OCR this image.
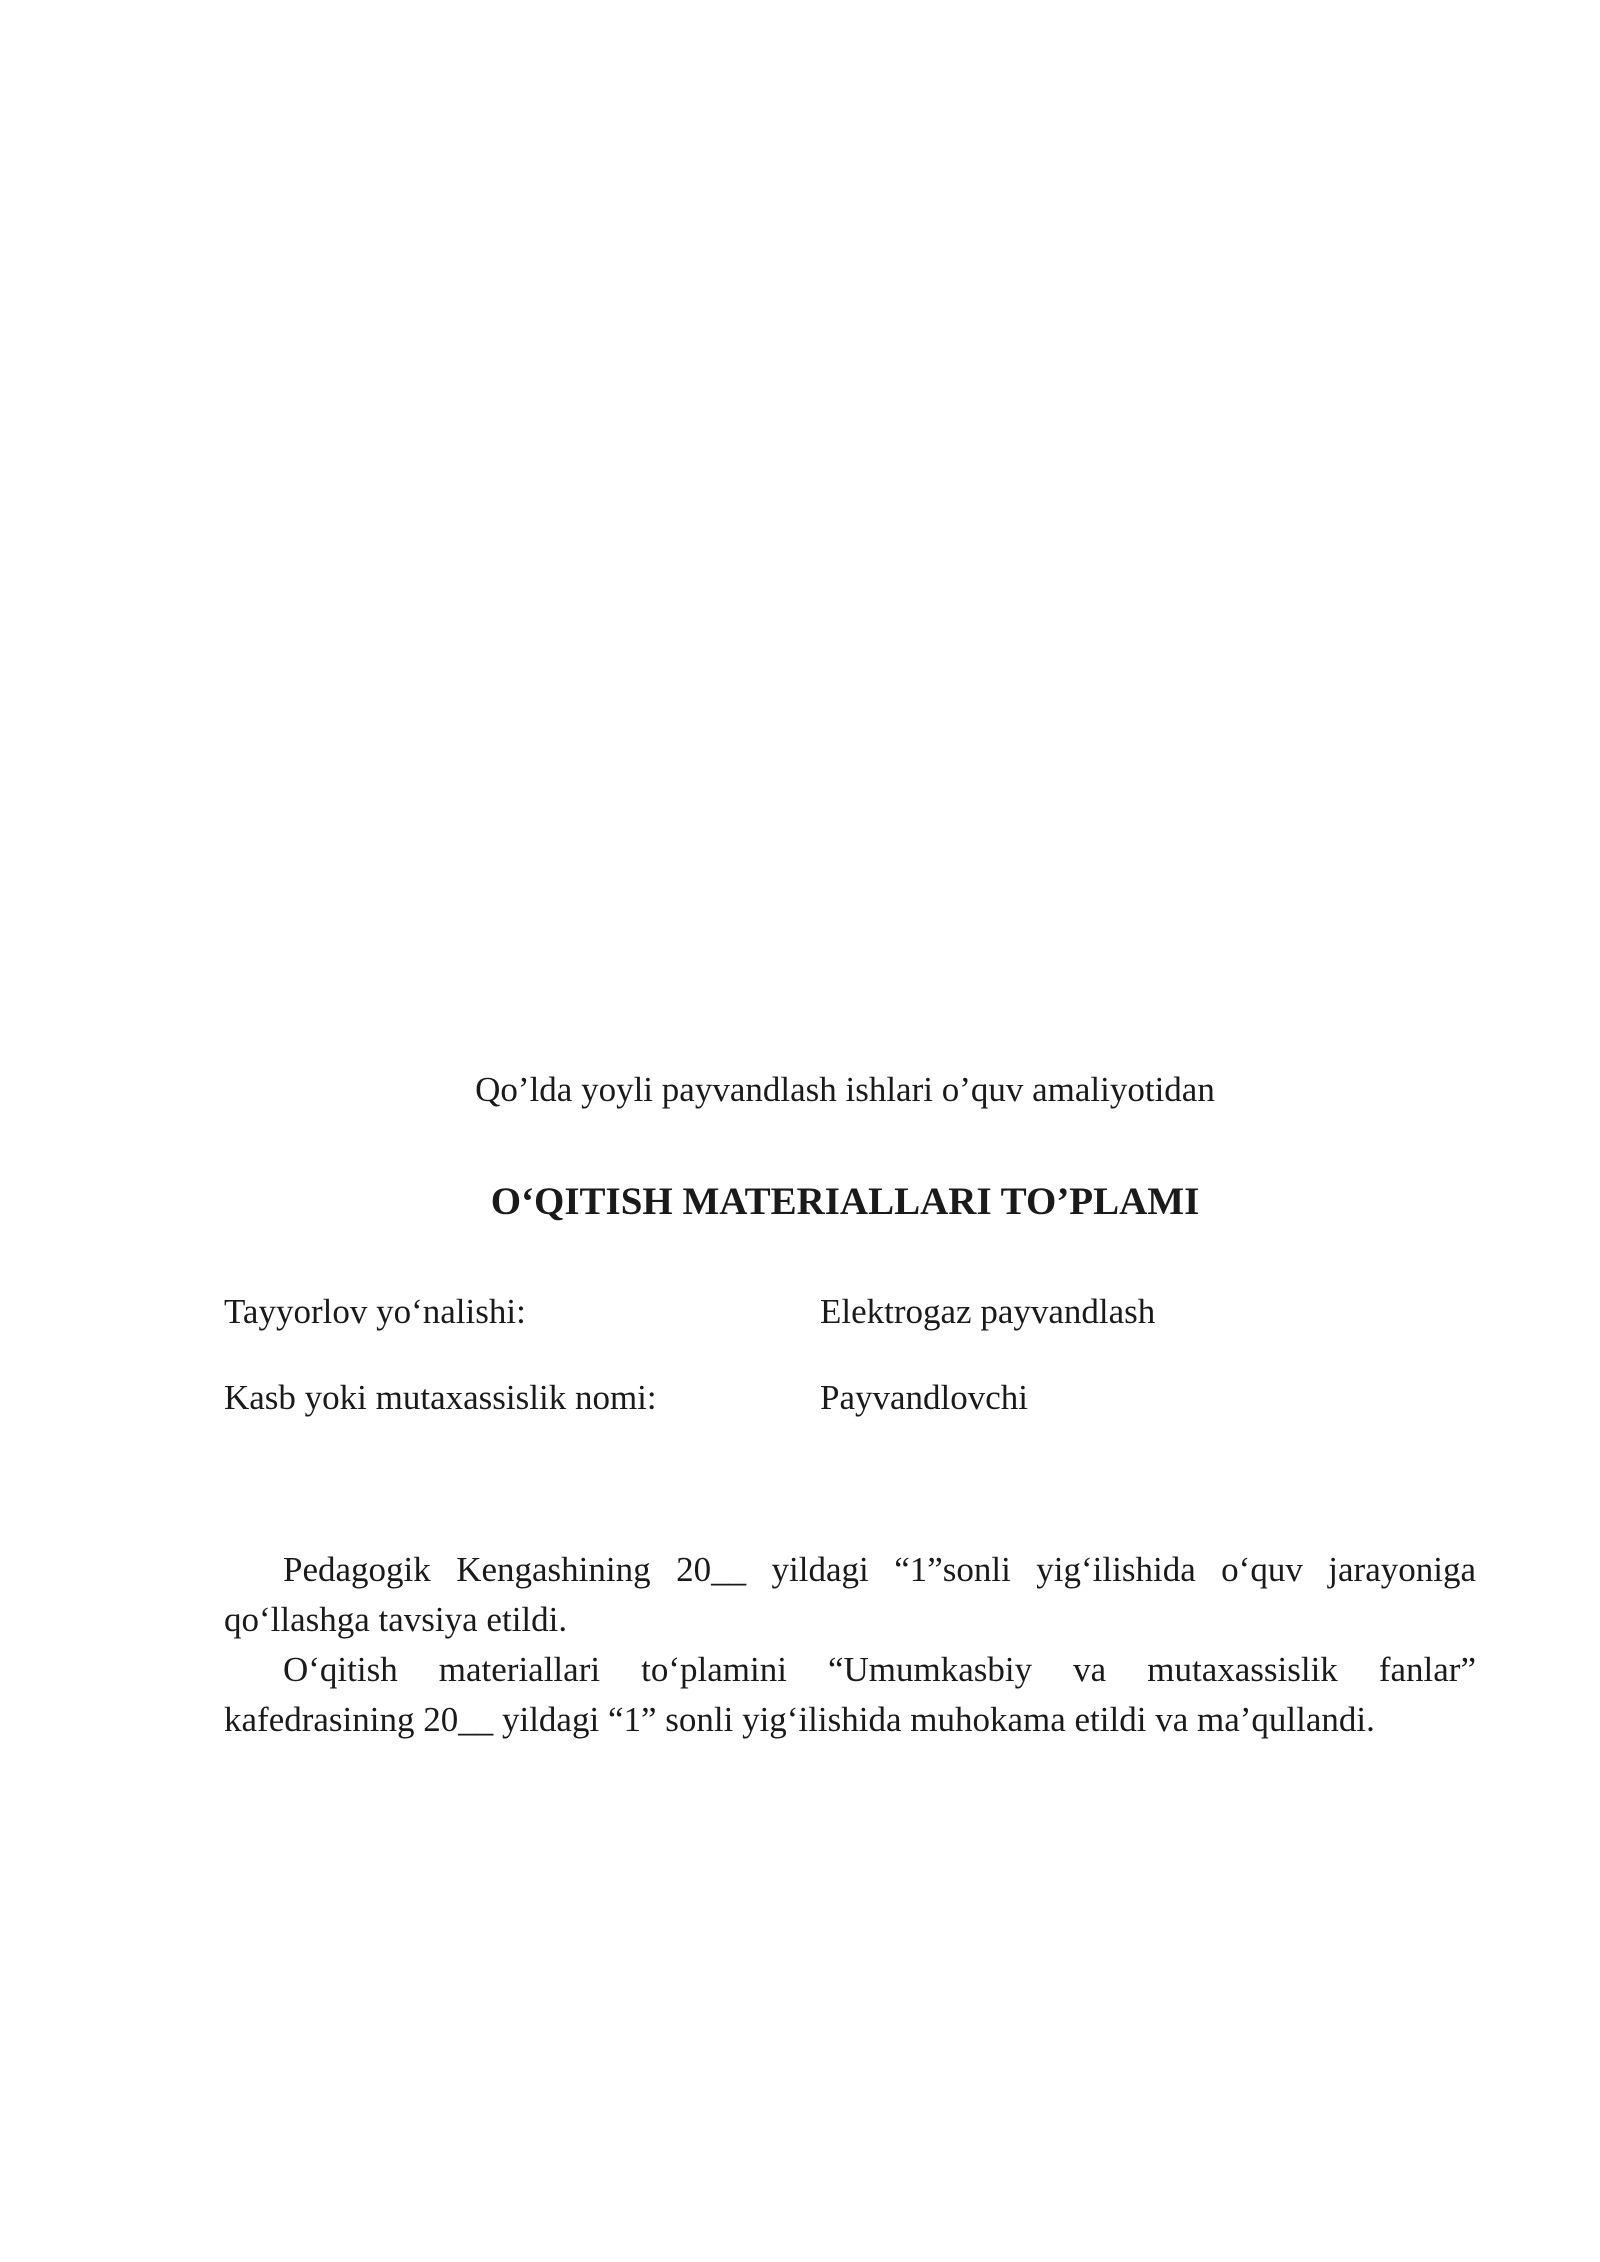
Qo’lda yoyli payvandlash ishlari o’quv amaliyotidan
O‘QITISH MATERIALLARI TO’PLAMI
Tayyorlov yo‘nalishi:	Elektrogaz payvandlash
Kasb yoki mutaxassislik nomi:	Payvandlovchi
Pedagogik Kengashining 20__ yildagi “1”sonli yig‘ilishida o‘quv jarayoniga qo‘llashga tavsiya etildi.
O‘qitish materiallari to‘plamini “Umumkasbiy va mutaxassislik fanlar” kafedrasining 20__ yildagi “1” sonli yig‘ilishida muhokama etildi va ma’qullandi.
